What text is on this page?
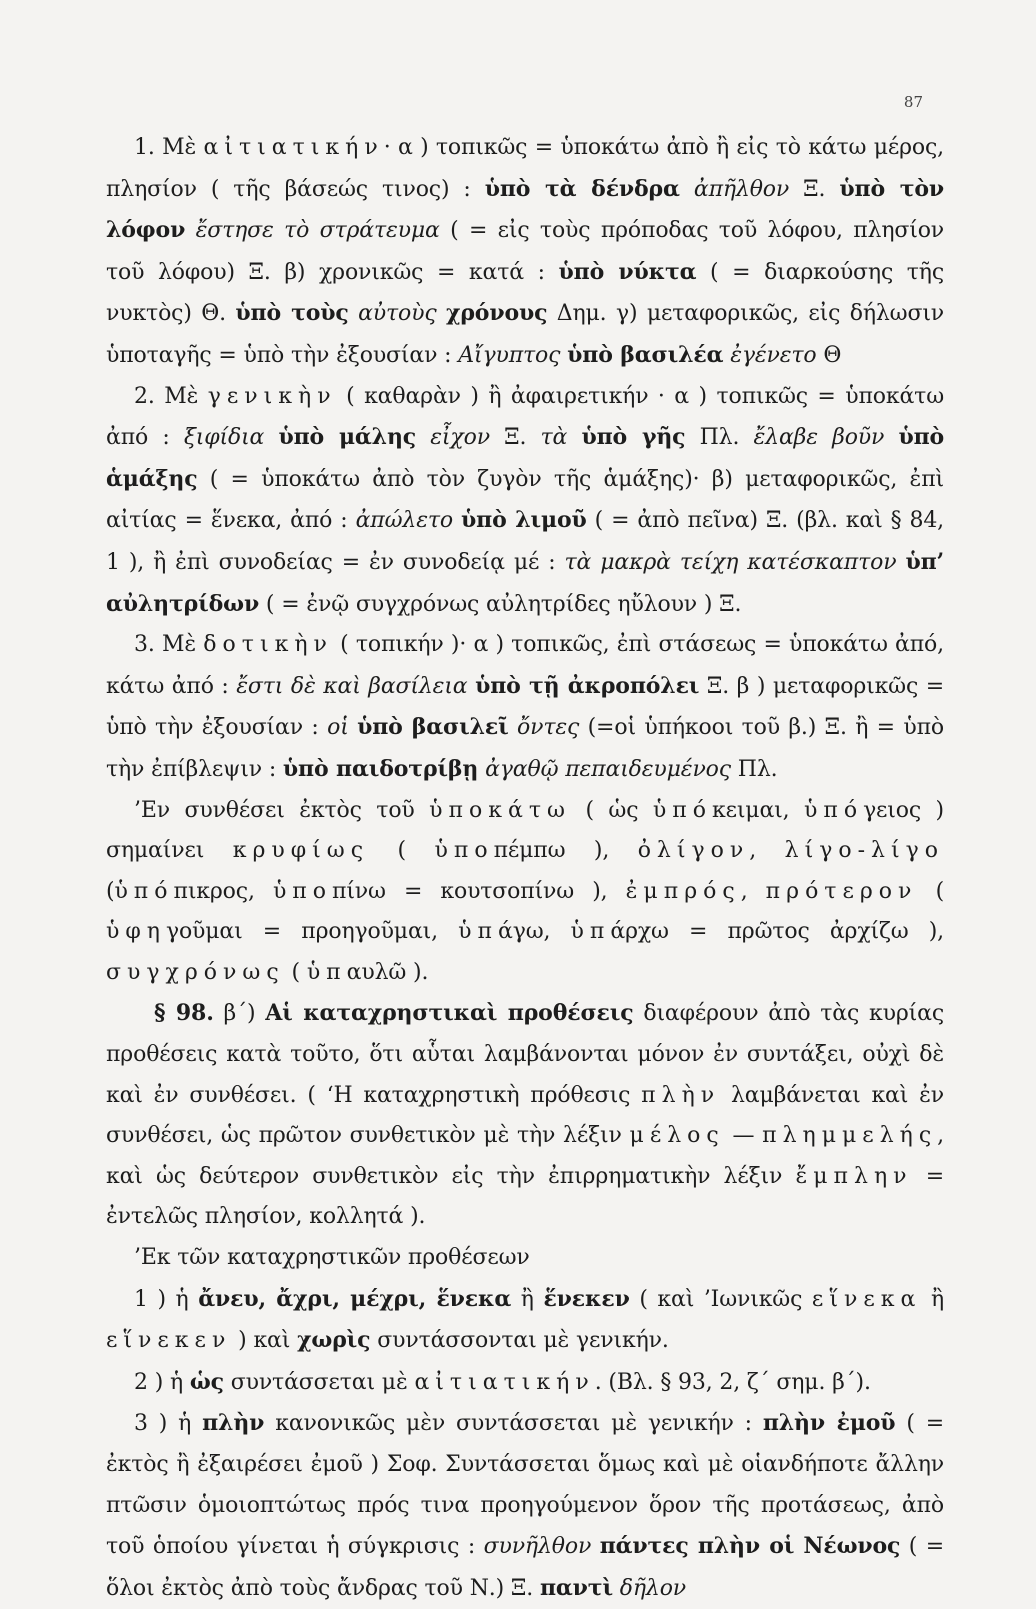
87

1. Μὲ αἰτιατικήν· α ) τοπικῶς = ὑποκάτω ἀπὸ ἢ εἰς τὸ κάτω μέρος, πλησίον ( τῆς βάσεώς τινος) : ὑπὸ τὰ δένδρα ἀπῆλθον Ξ. ὑπὸ τὸν λόφον ἔστησε τὸ στράτευμα ( = εἰς τοὺς πρόποδας τοῦ λόφου, πλησίον τοῦ λόφου) Ξ. β) χρονικῶς = κατά : ὑπὸ νύκτα ( = διαρκούσης τῆς νυκτὸς) Θ. ὑπὸ τοὺς αὐτοὺς χρόνους Δημ. γ) μεταφορικῶς, εἰς δήλωσιν ὑποταγῆς = ὑπὸ τὴν ἐξουσίαν : Αἴγυπτος ὑπὸ βασιλέα ἐγένετο Θ

2. Μὲ γενικὴν ( καθαρὰν ) ἢ ἀφαιρετικήν · α ) τοπικῶς = ὑποκάτω ἀπό : ξιφίδια ὑπὸ μάλης εἶχον Ξ. τὰ ὑπὸ γῆς Πλ. ἔλαβε βοῦν ὑπὸ ἁμάξης ( = ὑποκάτω ἀπὸ τὸν ζυγὸν τῆς ἁμάξης)· β) μεταφορικῶς, ἐπὶ αἰτίας = ἕνεκα, ἀπό : ἀπώλετο ὑπὸ λιμοῦ ( = ἀπὸ πεῖνα) Ξ. (βλ. καὶ § 84, 1 ), ἢ ἐπὶ συνοδείας = ἐν συνοδείᾳ μέ : τὰ μακρὰ τείχη κατέσκαπτον ὑπ’ αὐλητρίδων ( = ἐνῷ συγχρόνως αὐλητρίδες ηὔλουν ) Ξ.

3. Μὲ δοτικὴν ( τοπικήν )· α ) τοπικῶς, ἐπὶ στάσεως = ὑποκάτω ἀπό, κάτω ἀπό : ἔστι δὲ καὶ βασίλεια ὑπὸ τῇ ἀκροπόλει Ξ. β ) μεταφορικῶς = ὑπὸ τὴν ἐξουσίαν : οἱ ὑπὸ βασιλεῖ ὄντες (=οἱ ὑπήκοοι τοῦ β.) Ξ. ἢ = ὑπὸ τὴν ἐπίβλεψιν : ὑπὸ παιδοτρίβῃ ἀγαθῷ πεπαιδευμένος Πλ.

’Εν συνθέσει ἐκτὸς τοῦ ὑποκάτω ( ὡς ὑπόκειμαι, ὑπόγειος ) σημαίνει κρυφίως ( ὑποπέμπω ), ὀλίγον, λίγο-λίγο (ὑπόπικρος, ὑποπίνω = κουτσοπίνω ), ἐμπρός, πρότερον ( ὑφηγοῦμαι = προηγοῦμαι, ὑπάγω, ὑπάρχω = πρῶτος ἀρχίζω ), συγχρόνως ( ὑπαυλῶ ).

§ 98. β΄) Αἱ καταχρηστικαὶ προθέσεις διαφέρουν ἀπὸ τὰς κυρίας προθέσεις κατὰ τοῦτο, ὅτι αὗται λαμβάνονται μόνον ἐν συντάξει, οὐχὶ δὲ καὶ ἐν συνθέσει. ( ‘Η καταχρηστικὴ πρόθεσις πλὴν λαμβάνεται καὶ ἐν συνθέσει, ὡς πρῶτον συνθετικὸν μὲ τὴν λέξιν μέλος — πλημμελής, καὶ ὡς δεύτερον συνθετικὸν εἰς τὴν ἐπιρρηματικὴν λέξιν ἔμπλην = ἐντελῶς πλησίον, κολλητά ).

’Εκ τῶν καταχρηστικῶν προθέσεων

1 ) ἡ ἄνευ, ἄχρι, μέχρι, ἕνεκα ἢ ἕνεκεν ( καὶ ’Ιωνικῶς εἵνεκα ἢ εἵνεκεν ) καὶ χωρὶς συντάσσονται μὲ γενικήν.

2 ) ἡ ὡς συντάσσεται μὲ αἰτιατικήν. (Βλ. § 93, 2, ζ΄ σημ. β΄).

3 ) ἡ πλὴν κανονικῶς μὲν συντάσσεται μὲ γενικήν : πλὴν ἐμοῦ ( = ἐκτὸς ἢ ἐξαιρέσει ἐμοῦ ) Σοφ. Συντάσσεται ὅμως καὶ μὲ οἱανδήποτε ἄλλην πτῶσιν ὁμοιοπτώτως πρός τινα προηγούμενον ὅρον τῆς προτάσεως, ἀπὸ τοῦ ὁποίου γίνεται ἡ σύγκρισις : συνῆλθον πάντες πλὴν οἱ Νέωνος ( = ὅλοι ἐκτὸς ἀπὸ τοὺς ἄνδρας τοῦ Ν.) Ξ. παντὶ δῆλον
